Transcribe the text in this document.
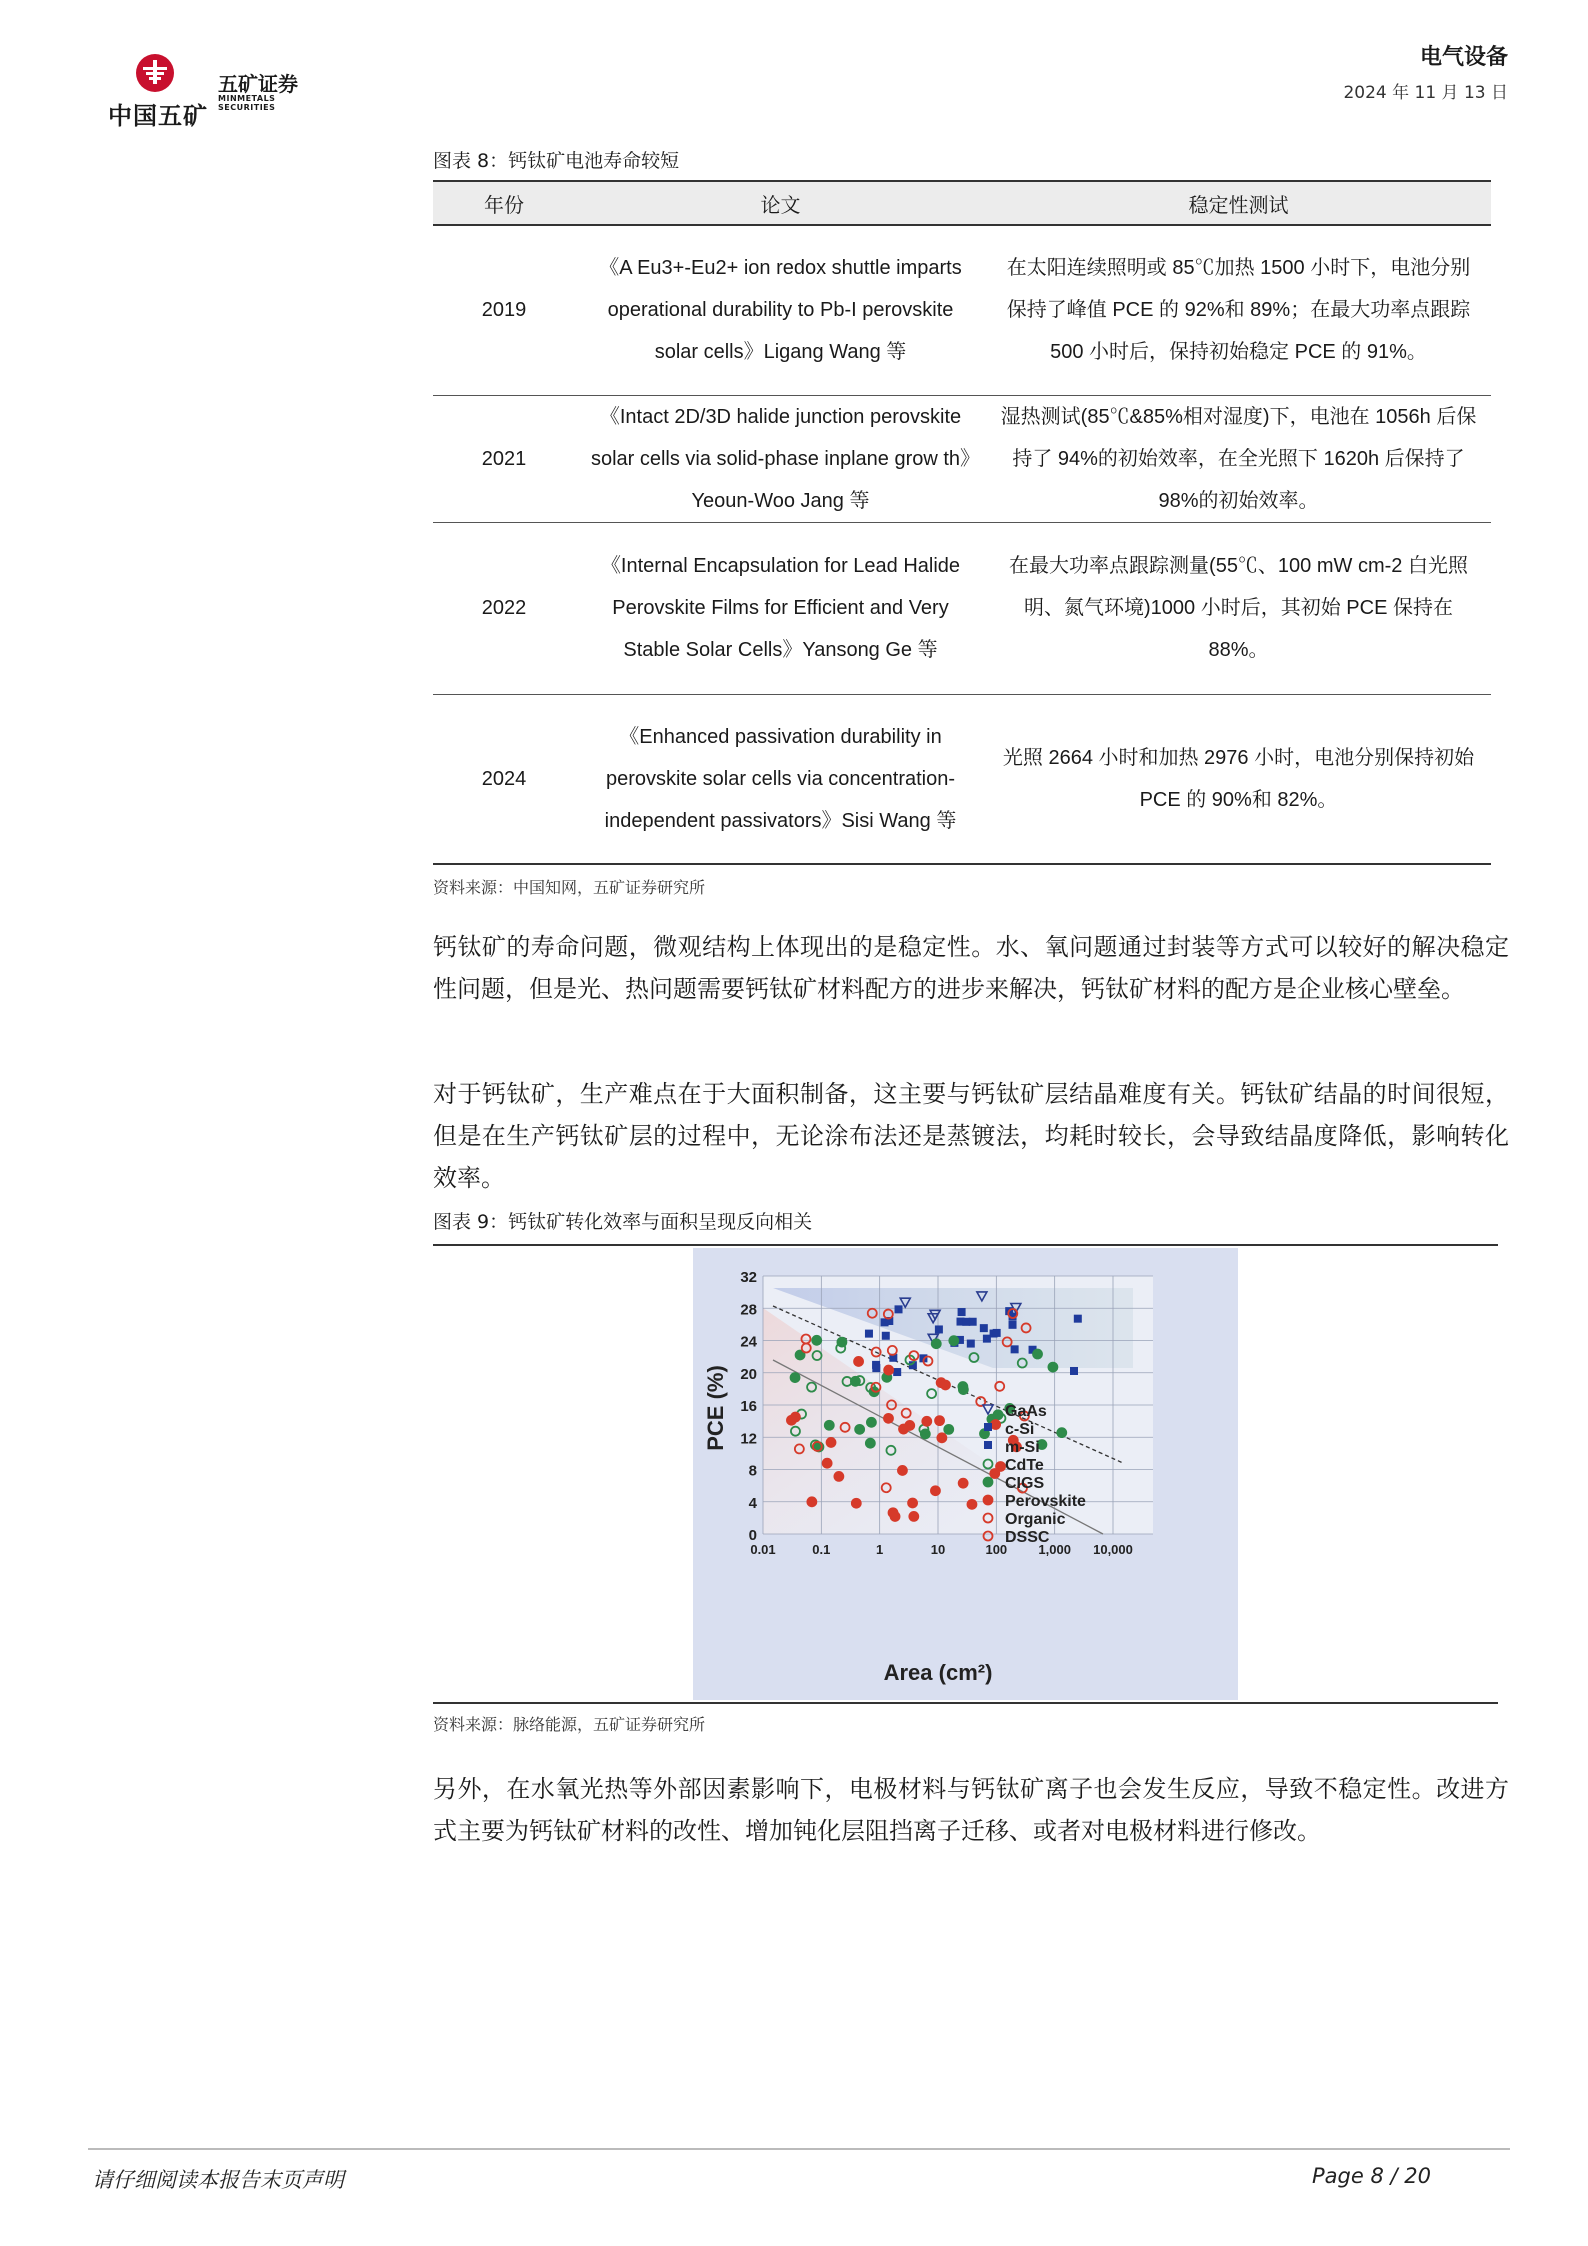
中国五矿
五矿证券
MINMETALS SECURITIES
电气设备
2024 年 11 月 13 日
图表 8：钙钛矿电池寿命较短
年份	论文	稳定性测试
2019	《A Eu3+-Eu2+ ion redox shuttle imparts operational durability to Pb-I perovskite solar cells》Ligang Wang 等	在太阳连续照明或 85℃加热 1500 小时下，电池分别保持了峰值 PCE 的 92%和 89%；在最大功率点跟踪 500 小时后，保持初始稳定 PCE 的 91%。
2021	《Intact 2D/3D halide junction perovskite solar cells via solid-phase inplane grow th》Yeoun-Woo Jang 等	湿热测试(85℃&85%相对湿度)下，电池在 1056h 后保持了 94%的初始效率，在全光照下 1620h 后保持了 98%的初始效率。
2022	《Internal Encapsulation for Lead Halide Perovskite Films for Efficient and Very Stable Solar Cells》Yansong Ge 等	在最大功率点跟踪测量(55℃、100 mW cm-2 白光照明、氮气环境)1000 小时后，其初始 PCE 保持在 88%。
2024	《Enhanced passivation durability in perovskite solar cells via concentration-independent passivators》Sisi Wang 等	光照 2664 小时和加热 2976 小时，电池分别保持初始 PCE 的 90%和 82%。
资料来源：中国知网，五矿证券研究所
钙钛矿的寿命问题，微观结构上体现出的是稳定性。水、氧问题通过封装等方式可以较好的解决稳定性问题，但是光、热问题需要钙钛矿材料配方的进步来解决，钙钛矿材料的配方是企业核心壁垒。
对于钙钛矿，生产难点在于大面积制备，这主要与钙钛矿层结晶难度有关。钙钛矿结晶的时间很短，但是在生产钙钛矿层的过程中，无论涂布法还是蒸镀法，均耗时较长，会导致结晶度降低，影响转化效率。
图表 9：钙钛矿转化效率与面积呈现反向相关
32
28
24
20
16
12
8
4
0
0.01	0.1	1	10	100 1,000 10,000
PCE (%)
Area (cm²)
GaAs
c-Si
m-Si
CdTe
CIGS
Perovskite
Organic
DSSC
资料来源：脉络能源，五矿证券研究所
另外，在水氧光热等外部因素影响下，电极材料与钙钛矿离子也会发生反应，导致不稳定性。改进方式主要为钙钛矿材料的改性、增加钝化层阻挡离子迁移、或者对电极材料进行修改。
请仔细阅读本报告末页声明	Page 8 / 20
